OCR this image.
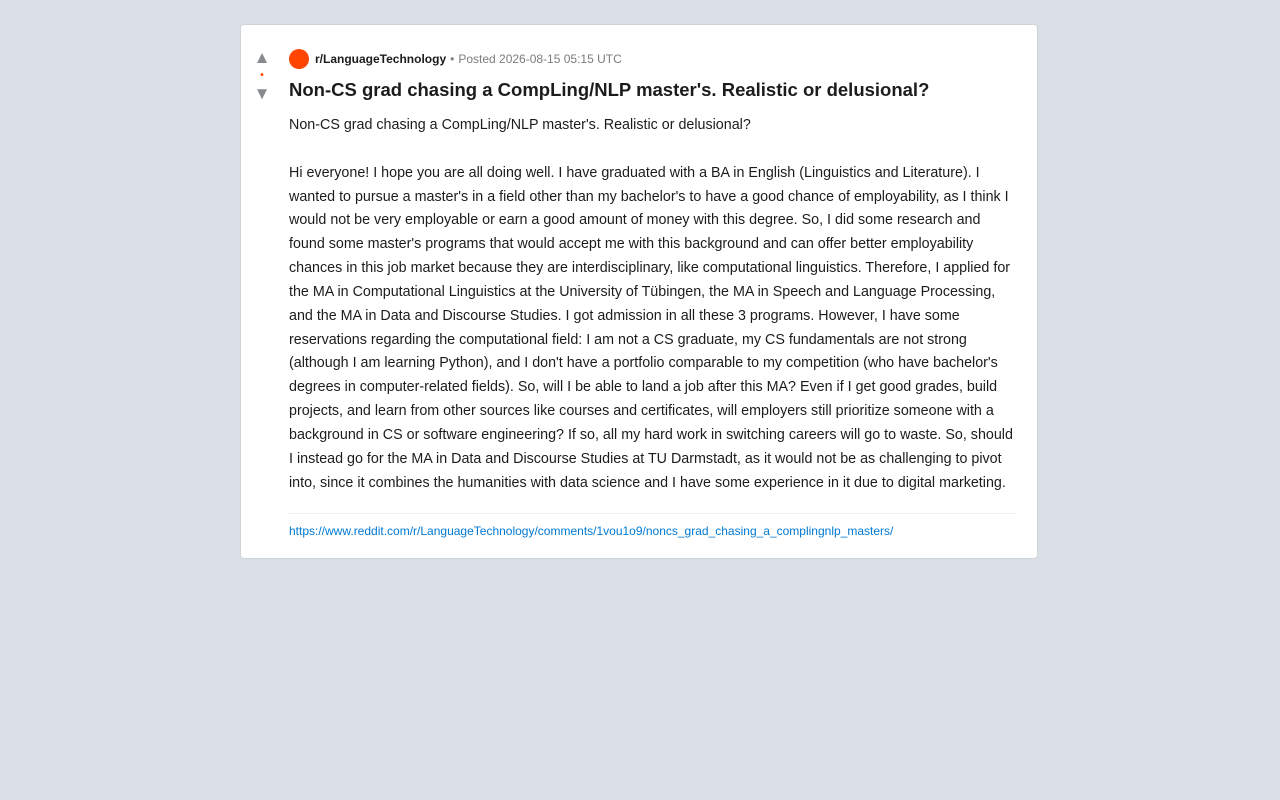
▲
•
▼
r/LanguageTechnology • Posted 2026-08-15 05:15 UTC
Non-CS grad chasing a CompLing/NLP master's. Realistic or delusional?

Non-CS grad chasing a CompLing/NLP master's. Realistic or delusional?

Hi everyone! I hope you are all doing well. I have graduated with a BA in English (Linguistics and Literature). I wanted to pursue a master's in a field other than my bachelor's to have a good chance of employability, as I think I would not be very employable or earn a good amount of money with this degree. So, I did some research and found some master's programs that would accept me with this background and can offer better employability chances in this job market because they are interdisciplinary, like computational linguistics. Therefore, I applied for the MA in Computational Linguistics at the University of Tübingen, the MA in Speech and Language Processing, and the MA in Data and Discourse Studies. I got admission in all these 3 programs. However, I have some reservations regarding the computational field: I am not a CS graduate, my CS fundamentals are not strong (although I am learning Python), and I don't have a portfolio comparable to my competition (who have bachelor's degrees in computer-related fields). So, will I be able to land a job after this MA? Even if I get good grades, build projects, and learn from other sources like courses and certificates, will employers still prioritize someone with a background in CS or software engineering? If so, all my hard work in switching careers will go to waste. So, should I instead go for the MA in Data and Discourse Studies at TU Darmstadt, as it would not be as challenging to pivot into, since it combines the humanities with data science and I have some experience in it due to digital marketing.

https://www.reddit.com/r/LanguageTechnology/comments/1vou1o9/noncs_grad_chasing_a_complingnlp_masters/
